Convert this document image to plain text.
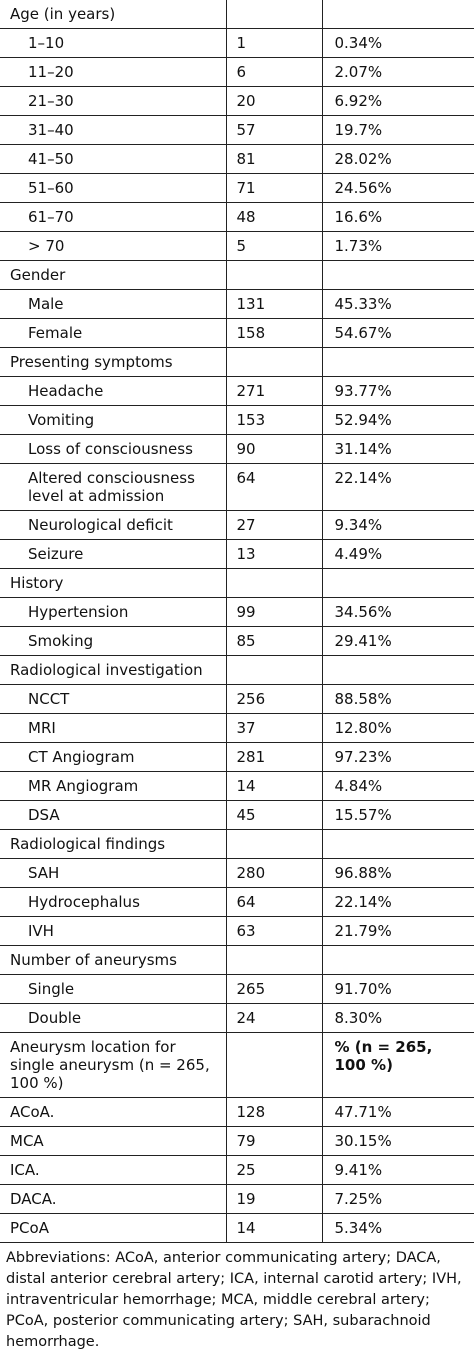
Age (in years)		
1–10	1	0.34%
11–20	6	2.07%
21–30	20	6.92%
31–40	57	19.7%
41–50	81	28.02%
51–60	71	24.56%
61–70	48	16.6%
> 70	5	1.73%
Gender		
Male	131	45.33%
Female	158	54.67%
Presenting symptoms		
Headache	271	93.77%
Vomiting	153	52.94%
Loss of consciousness	90	31.14%
Altered consciousness level at admission	64	22.14%
Neurological deficit	27	9.34%
Seizure	13	4.49%
History		
Hypertension	99	34.56%
Smoking	85	29.41%
Radiological investigation		
NCCT	256	88.58%
MRI	37	12.80%
CT Angiogram	281	97.23%
MR Angiogram	14	4.84%
DSA	45	15.57%
Radiological findings		
SAH	280	96.88%
Hydrocephalus	64	22.14%
IVH	63	21.79%
Number of aneurysms		
Single	265	91.70%
Double	24	8.30%
Aneurysm location for single aneurysm (n = 265, 100 %)		% (n = 265, 100 %)
ACoA.	128	47.71%
MCA	79	30.15%
ICA.	25	9.41%
DACA.	19	7.25%
PCoA	14	5.34%
Abbreviations: ACoA, anterior communicating artery; DACA, distal anterior cerebral artery; ICA, internal carotid artery; IVH, intraventricular hemorrhage; MCA, middle cerebral artery; PCoA, posterior communicating artery; SAH, subarachnoid hemorrhage.
